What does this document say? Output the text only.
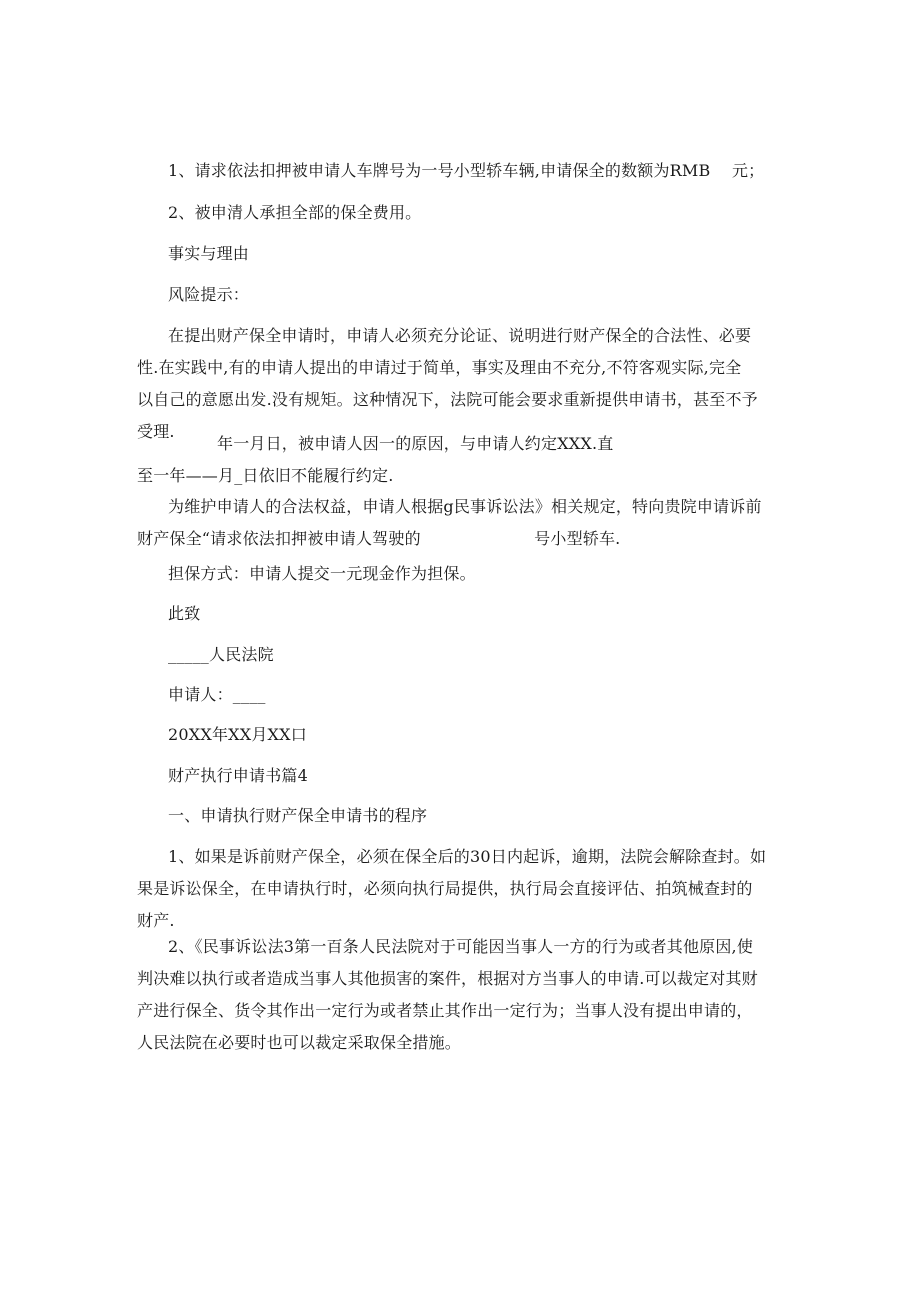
1、请求依法扣押被申请人车牌号为一号小型轿车辆,申请保全的数额为RMB　 元；
2、被申清人承担全部的保全费用。
事实与理由
风险提示：
在提出财产保全申请时，申请人必须充分论证、说明进行财产保全的合法性、必要
性.在实践中,有的申请人提出的申请过于简单，事实及理由不充分,不符客观实际,完全
以自己的意愿出发.没有规矩。这种情况下，法院可能会要求重新提供申请书，甚至不予
受理.
年一月日，被申请人因一的原因，与申请人约定XXX.直
至一年——月_日依旧不能履行约定.
为维护申请人的合法权益，申请人根据g民事诉讼法》相关规定，特向贵院申请诉前
财产保全“请求依法扣押被申请人驾驶的　　　　　　　号小型轿车.
担保方式：申请人提交一元现金作为担保。
此致
_____人民法院
申请人：____
20XX年XX月XX口
财产执行申请书篇4
一、申请执行财产保全申请书的程序
1、如果是诉前财产保全，必须在保全后的30日内起诉，逾期，法院会解除查封。如
果是诉讼保全，在申请执行时，必须向执行局提供，执行局会直接评估、拍筑械查封的
财产.
2、《民事诉讼法3第一百条人民法院对于可能因当事人一方的行为或者其他原因,使
判决难以执行或者造成当事人其他损害的案件，根据对方当事人的申请.可以裁定对其财
产进行保全、货令其作出一定行为或者禁止其作出一定行为；当事人没有提出申请的，
人民法院在必要时也可以裁定采取保全措施。
